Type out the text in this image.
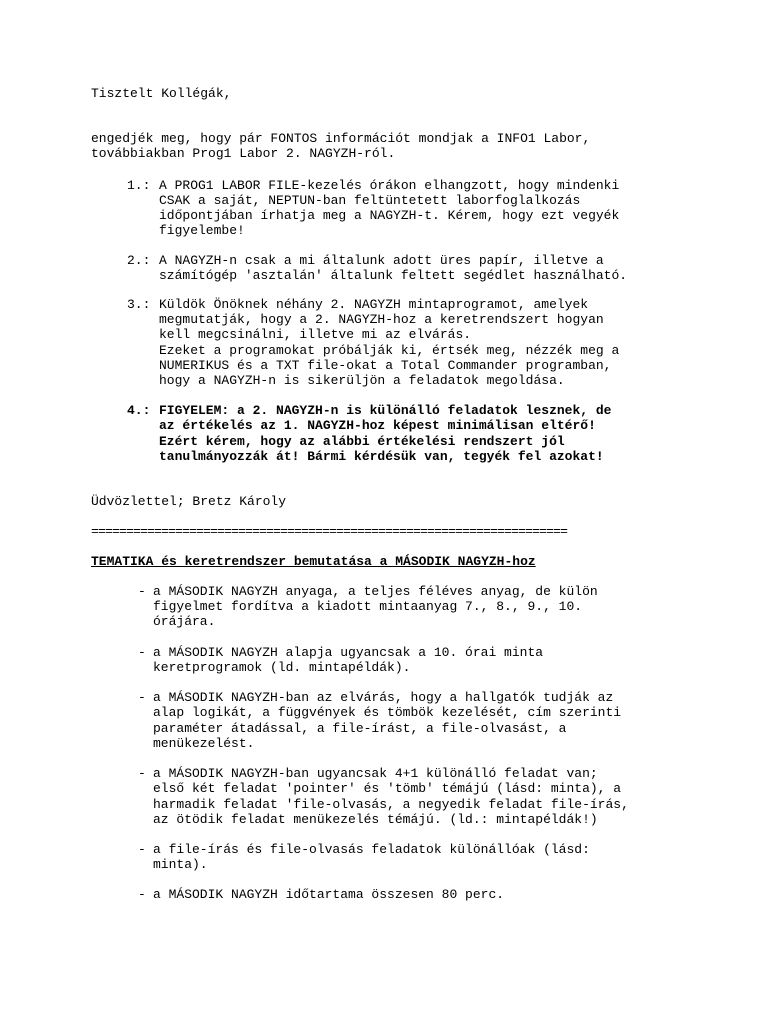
Tisztelt Kollégák,
engedjék meg, hogy pár FONTOS információt mondjak a INFO1 Labor,
továbbiakban Prog1 Labor 2. NAGYZH-ról.
1.: A PROG1 LABOR FILE-kezelés órákon elhangzott, hogy mindenki
CSAK a saját, NEPTUN-ban feltüntetett laborfoglalkozás
időpontjában írhatja meg a NAGYZH-t. Kérem, hogy ezt vegyék
figyelembe!
2.: A NAGYZH-n csak a mi általunk adott üres papír, illetve a
számítógép 'asztalán' általunk feltett segédlet használható.
3.: Küldök Önöknek néhány 2. NAGYZH mintaprogramot, amelyek
megmutatják, hogy a 2. NAGYZH-hoz a keretrendszert hogyan
kell megcsinálni, illetve mi az elvárás.
Ezeket a programokat próbálják ki, értsék meg, nézzék meg a
NUMERIKUS és a TXT file-okat a Total Commander programban,
hogy a NAGYZH-n is sikerüljön a feladatok megoldása.
4.: FIGYELEM: a 2. NAGYZH-n is különálló feladatok lesznek, de
az értékelés az 1. NAGYZH-hoz képest minimálisan eltérő!
Ezért kérem, hogy az alábbi értékelési rendszert jól
tanulmányozzák át! Bármi kérdésük van, tegyék fel azokat!
Üdvözlettel; Bretz Károly
====================================================================
TEMATIKA és keretrendszer bemutatása a MÁSODIK NAGYZH-hoz
- a MÁSODIK NAGYZH anyaga, a teljes féléves anyag, de külön
figyelmet fordítva a kiadott mintaanyag 7., 8., 9., 10.
órájára.
- a MÁSODIK NAGYZH alapja ugyancsak a 10. órai minta
keretprogramok (ld. mintapéldák).
- a MÁSODIK NAGYZH-ban az elvárás, hogy a hallgatók tudják az
alap logikát, a függvények és tömbök kezelését, cím szerinti
paraméter átadással, a file-írást, a file-olvasást, a
menükezelést.
- a MÁSODIK NAGYZH-ban ugyancsak 4+1 különálló feladat van;
első két feladat 'pointer' és 'tömb' témájú (lásd: minta), a
harmadik feladat 'file-olvasás, a negyedik feladat file-írás,
az ötödik feladat menükezelés témájú. (ld.: mintapéldák!)
- a file-írás és file-olvasás feladatok különállóak (lásd:
minta).
- a MÁSODIK NAGYZH időtartama összesen 80 perc.
